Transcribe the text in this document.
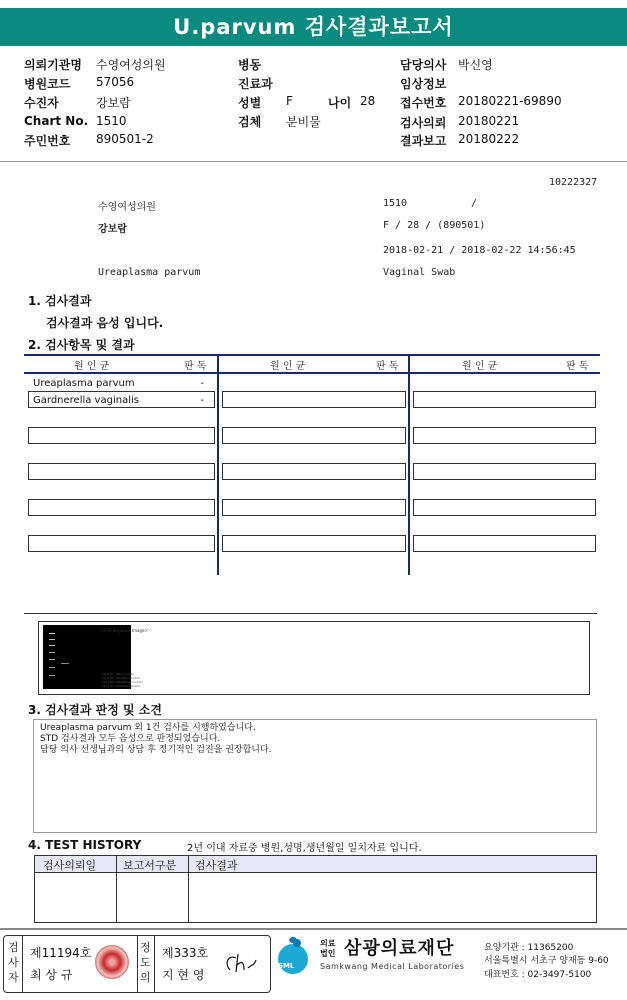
U.parvum 검사결과보고서
의뢰기관명 수영여성의원
병원코드 57056
수진자	강보람
Chart No. 1510
주민번호 890501-2
병동
진료과
성별 F	나이 28
검체 분비물
담당의사 박신영
임상정보
접수번호 20180221-69890
검사의뢰 20180221
결과보고 20180222
10222327
수영여성의원	1510	/
강보람	F / 28 / (890501)
2018-02-21 / 2018-02-22 14:56:45
Ureaplasma parvum	Vaginal Swab
1. 검사결과
검사결과 음성 입니다.
2. 검사항목 및 결과
원 인 균	판 독	원 인 균	판 독	원 인 균	판 독
Ureaplasma parvum	-
Gardnerella vaginalis	-
<STD Negative Image>
Lane M : DNA marker
Lane P1 : Positive Control
Lane N1 : Negative Control
Lane S1 : Clinical Sample
3. 검사결과 판정 및 소견
Ureaplasma parvum 외 1건 검사를 시행하였습니다.
STD 검사결과 모두 음성으로 판정되었습니다.
담당 의사 선생님과의 상담 후 정기적인 검진을 권장합니다.
4. TEST HISTORY	2년 이내 자료중 병원,성명,생년월일 일치자료 입니다.
검사의뢰일 보고서구분 검사결과
검사자
제11194호
최 상 규
정도의
제333호
지 현 영
SML
의료법인 삼광의료재단
Samkwang Medical Laboratories
요양기관 : 11365200
서울특별시 서초구 양재동 9-60
대표번호 : 02-3497-5100
